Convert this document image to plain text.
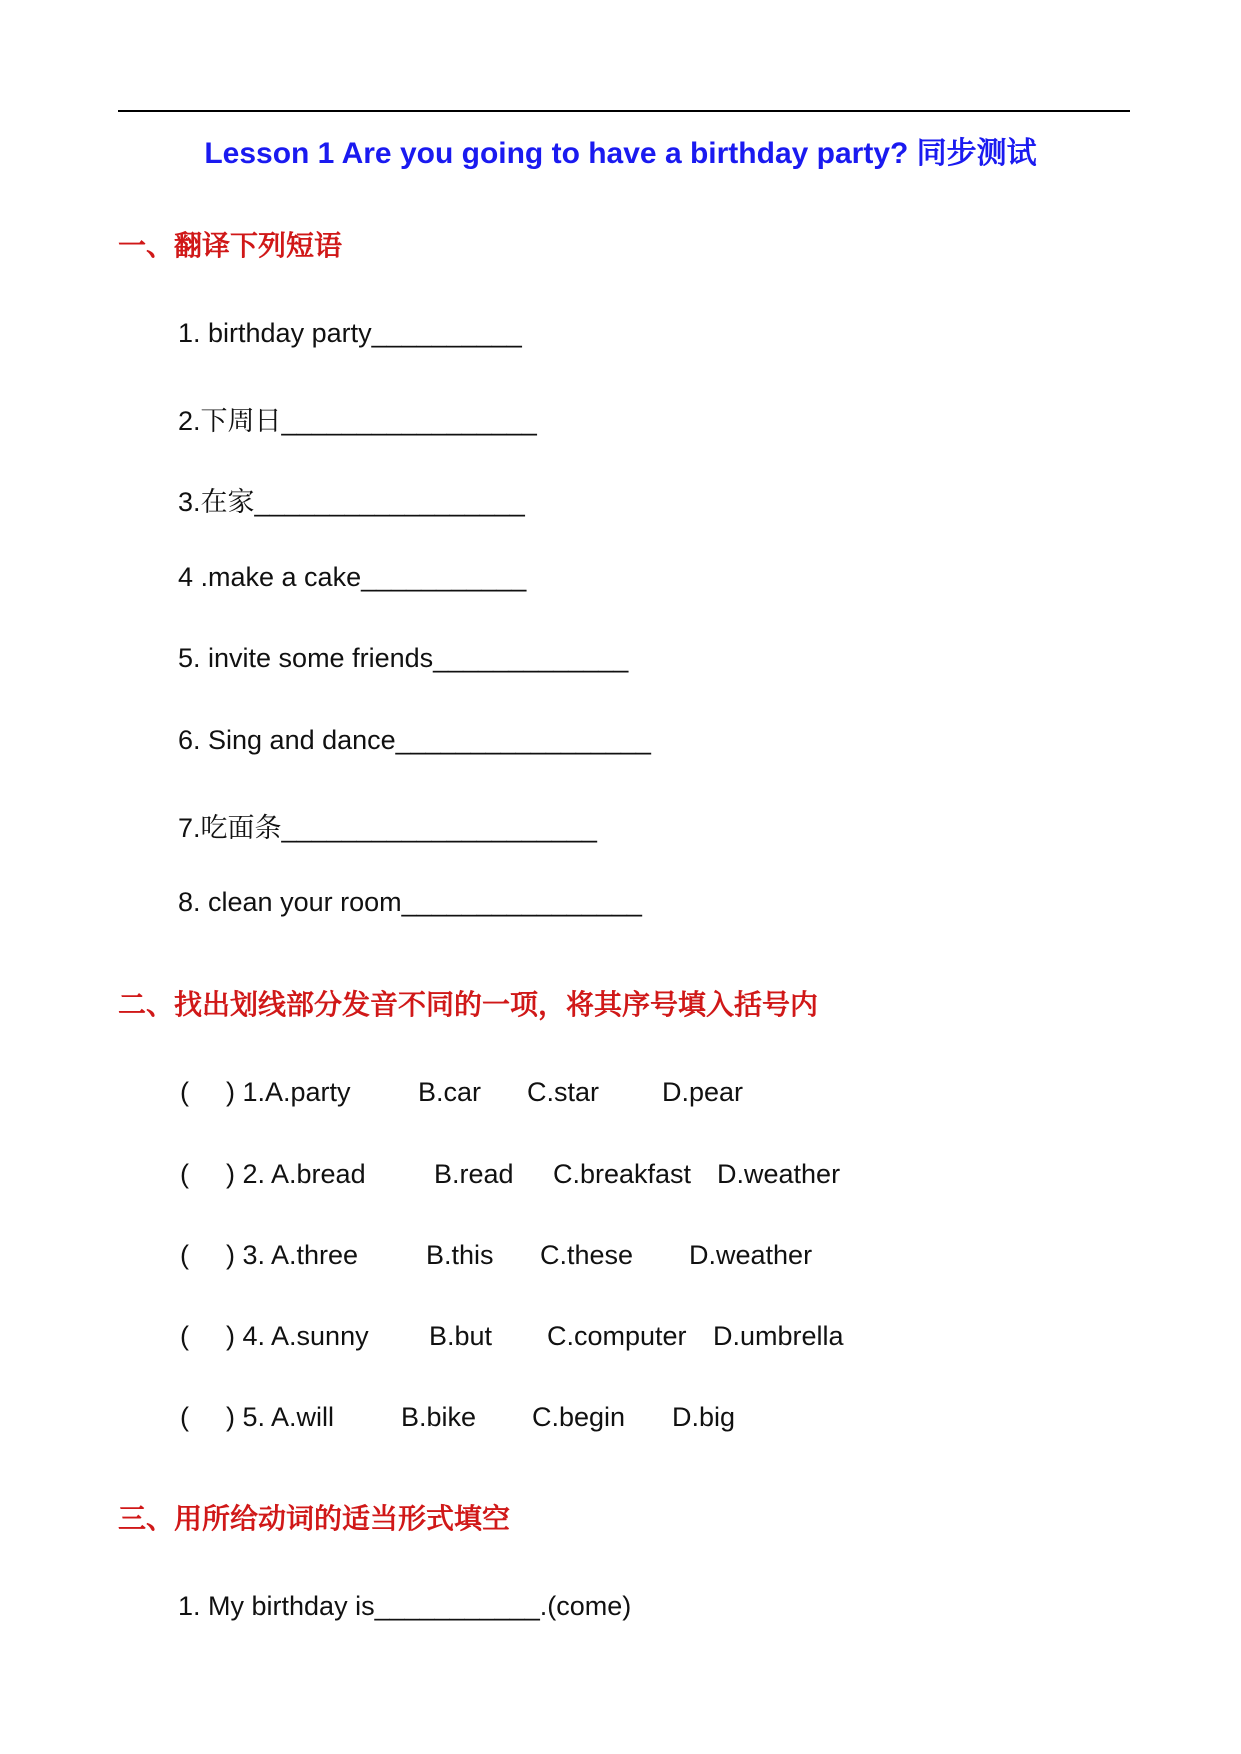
Lesson 1 Are you going to have a birthday party? 同步测试
一、翻译下列短语
1. birthday party__________
2.下周日_________________
3.在家__________________
4 .make a cake___________
5. invite some friends_____________
6. Sing and dance_________________
7.吃面条_____________________
8. clean your room________________
二、找出划线部分发音不同的一项，将其序号填入括号内
( ) 1.A.party B.car C.star D.pear
( ) 2. A.bread	B.read C.breakfast D.weather
( ) 3. A.three	B.this C.these D.weather
( ) 4. A.sunny B.but C.computer D.umbrella
( ) 5. A.will B.bike C.begin D.big
三、用所给动词的适当形式填空
1. My birthday is___________.(come)
